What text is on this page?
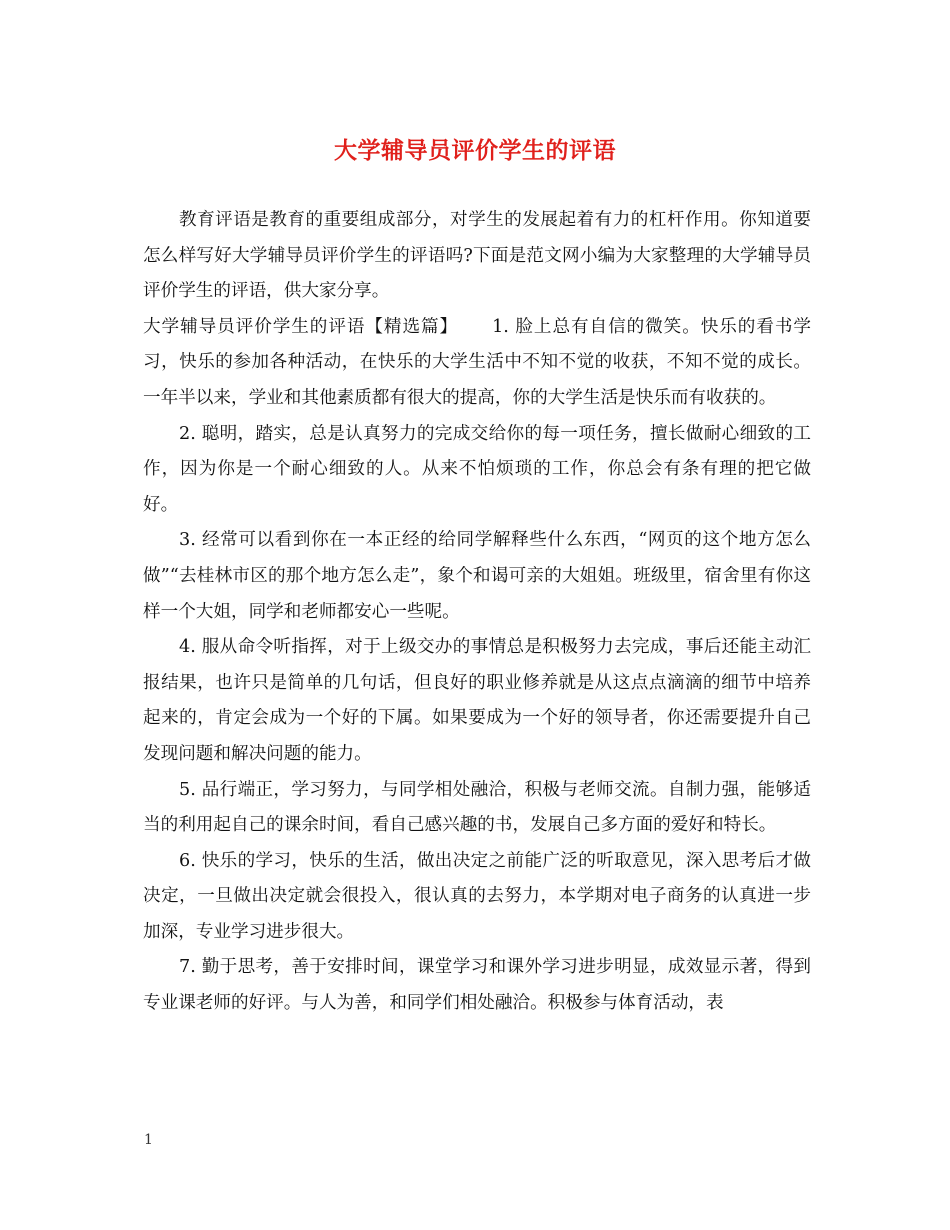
大学辅导员评价学生的评语

教育评语是教育的重要组成部分，对学生的发展起着有力的杠杆作用。你知道要怎么样写好大学辅导员评价学生的评语吗?下面是范文网小编为大家整理的大学辅导员评价学生的评语，供大家分享。

大学辅导员评价学生的评语【精选篇】 1. 脸上总有自信的微笑。快乐的看书学习，快乐的参加各种活动，在快乐的大学生活中不知不觉的收获，不知不觉的成长。一年半以来，学业和其他素质都有很大的提高，你的大学生活是快乐而有收获的。

2. 聪明，踏实，总是认真努力的完成交给你的每一项任务，擅长做耐心细致的工作，因为你是一个耐心细致的人。从来不怕烦琐的工作，你总会有条有理的把它做好。

3. 经常可以看到你在一本正经的给同学解释些什么东西，“网页的这个地方怎么做”“去桂林市区的那个地方怎么走”，象个和谒可亲的大姐姐。班级里，宿舍里有你这样一个大姐，同学和老师都安心一些呢。

4. 服从命令听指挥，对于上级交办的事情总是积极努力去完成，事后还能主动汇报结果，也许只是简单的几句话，但良好的职业修养就是从这点点滴滴的细节中培养起来的，肯定会成为一个好的下属。如果要成为一个好的领导者，你还需要提升自己发现问题和解决问题的能力。

5. 品行端正，学习努力，与同学相处融洽，积极与老师交流。自制力强，能够适当的利用起自己的课余时间，看自己感兴趣的书，发展自己多方面的爱好和特长。

6. 快乐的学习，快乐的生活，做出决定之前能广泛的听取意见，深入思考后才做决定，一旦做出决定就会很投入，很认真的去努力，本学期对电子商务的认真进一步加深，专业学习进步很大。

7. 勤于思考，善于安排时间，课堂学习和课外学习进步明显，成效显示著，得到专业课老师的好评。与人为善，和同学们相处融洽。积极参与体育活动，表

1
